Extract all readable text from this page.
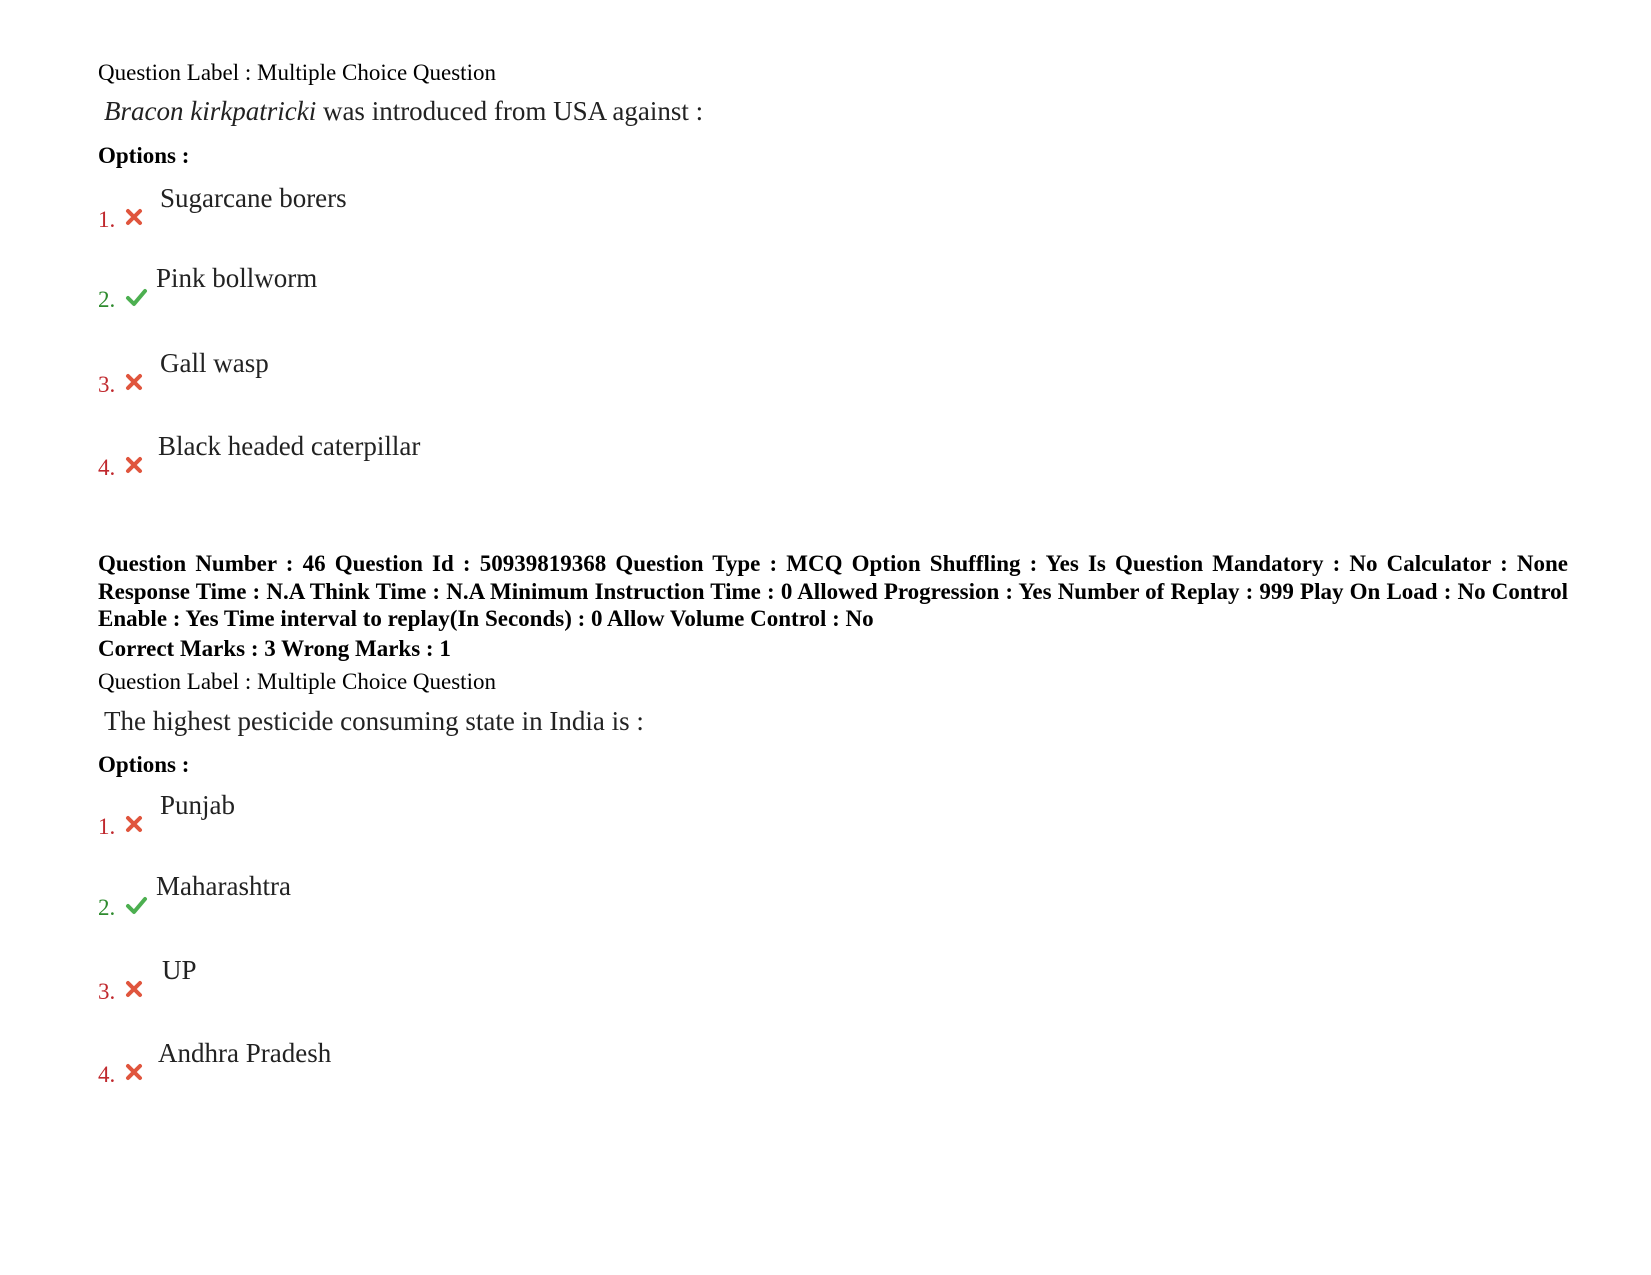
Question Label : Multiple Choice Question
Bracon kirkpatricki was introduced from USA against :
Options :
1.
Sugarcane borers
2.
Pink bollworm
3.
Gall wasp
4.
Black headed caterpillar
Question Number : 46 Question Id : 50939819368 Question Type : MCQ Option Shuffling : Yes Is Question Mandatory : No Calculator : None Response Time : N.A Think Time : N.A Minimum Instruction Time : 0 Allowed Progression : Yes Number of Replay : 999 Play On Load : No Control Enable : Yes Time interval to replay(In Seconds) : 0 Allow Volume Control : No
Correct Marks : 3 Wrong Marks : 1
Question Label : Multiple Choice Question
The highest pesticide consuming state in India is :
Options :
1.
Punjab
2.
Maharashtra
3.
UP
4.
Andhra Pradesh
